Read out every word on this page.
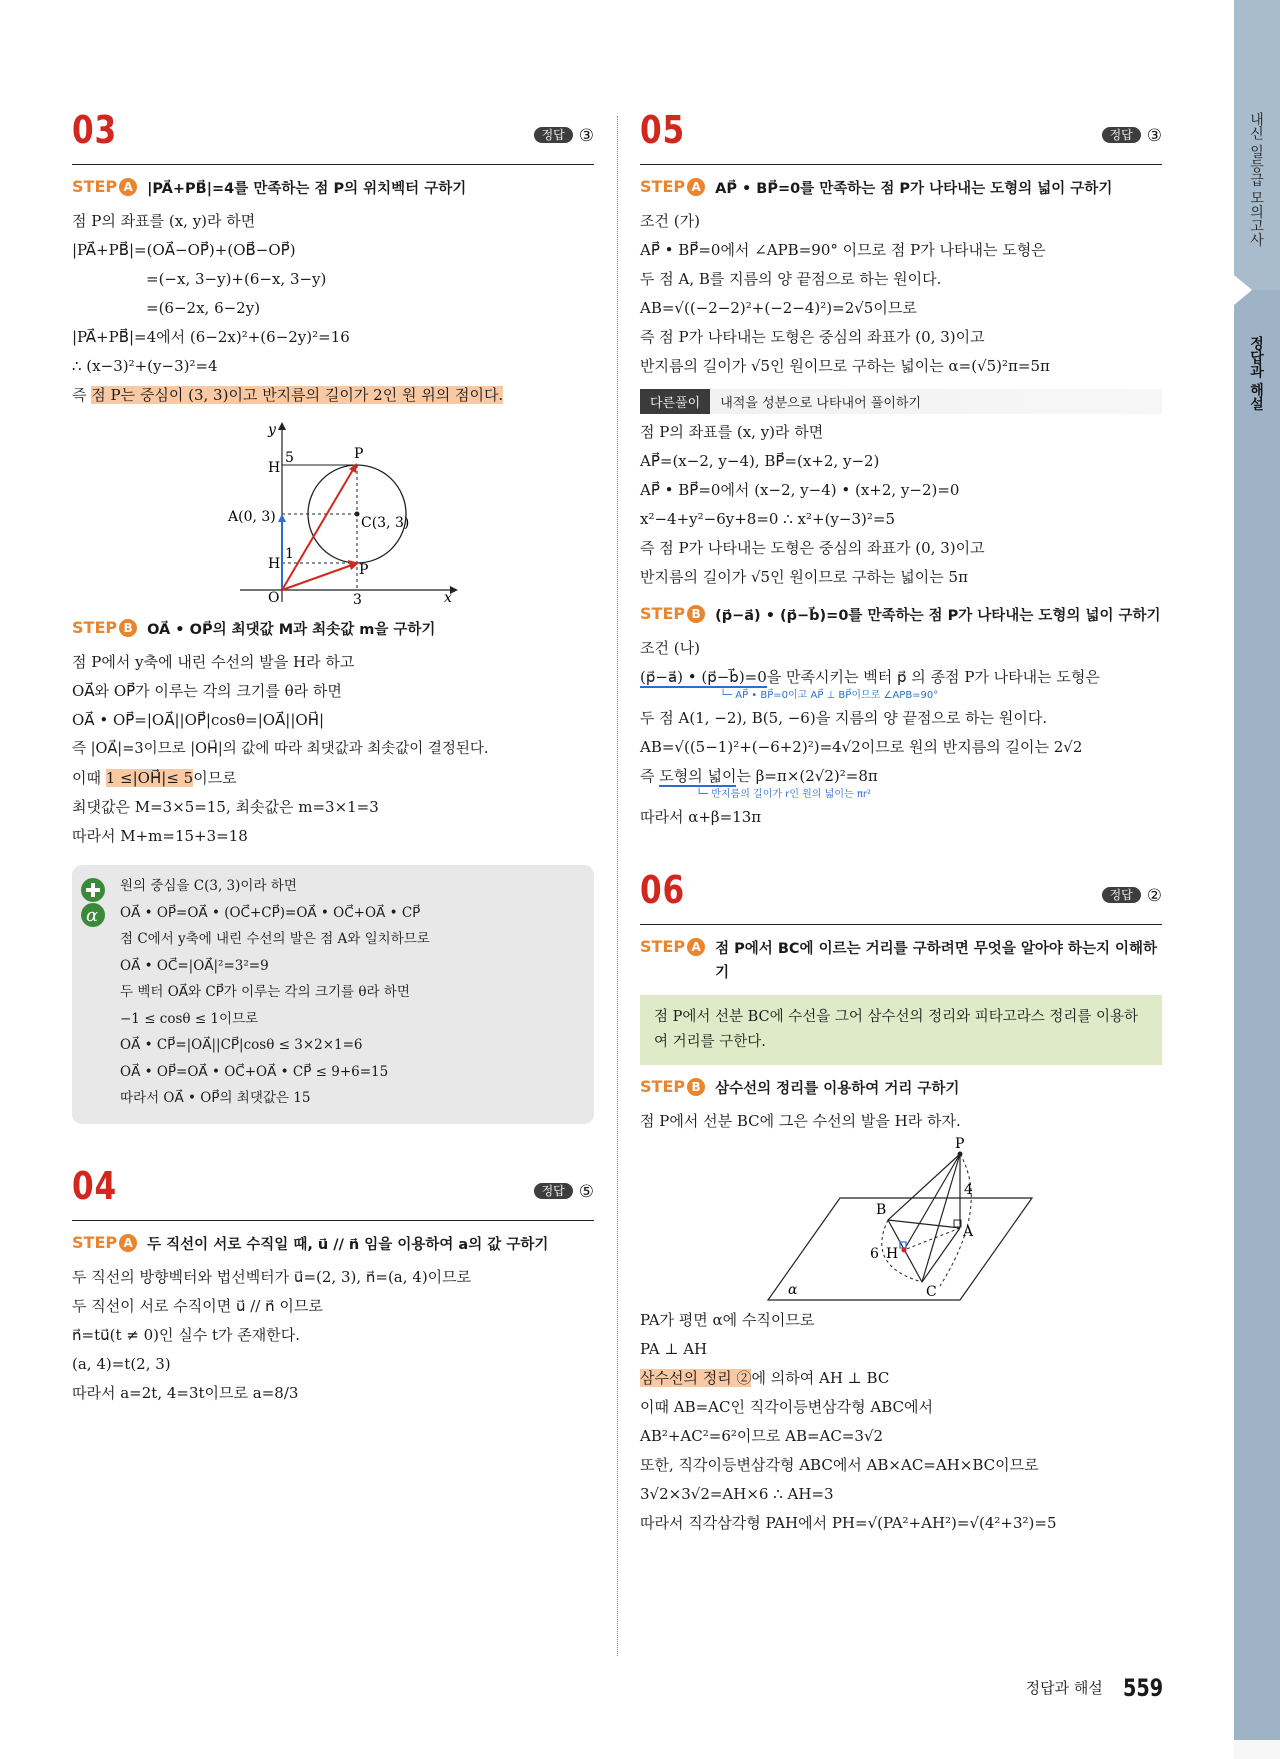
내신 일등급 모의고사
정답과 해설
03	정답 ③
STEP A |PA⃗+PB⃗|=4를 만족하는 점 P의 위치벡터 구하기
점 P의 좌표를 (x, y)라 하면
|PA⃗+PB⃗|=(OA⃗−OP⃗)+(OB⃗−OP⃗)
=(−x, 3−y)+(6−x, 3−y)
=(6−2x, 6−2y)
|PA⃗+PB⃗|=4에서 (6−2x)²+(6−2y)²=16
∴ (x−3)²+(y−3)²=4
즉 점 P는 중심이 (3, 3)이고 반지름의 길이가 2인 원 위의 점이다.
y
x
O
H
5	P
A(0, 3)	C(3, 3)
H
1
P
3
STEP B OA⃗ • OP⃗의 최댓값 M과 최솟값 m을 구하기
점 P에서 y축에 내린 수선의 발을 H라 하고
OA⃗와 OP⃗가 이루는 각의 크기를 θ라 하면
OA⃗ • OP⃗=|OA⃗||OP⃗|cosθ=|OA⃗||OH⃗|
즉 |OA⃗|=3이므로 |OH⃗|의 값에 따라 최댓값과 최솟값이 결정된다.
이때 1 ≤|OH⃗|≤ 5이므로
최댓값은 M=3×5=15, 최솟값은 m=3×1=3
따라서 M+m=15+3=18
α
원의 중심을 C(3, 3)이라 하면
OA⃗ • OP⃗=OA⃗ • (OC⃗+CP⃗)=OA⃗ • OC⃗+OA⃗ • CP⃗
점 C에서 y축에 내린 수선의 발은 점 A와 일치하므로
OA⃗ • OC⃗=|OA⃗|²=3²=9
두 벡터 OA⃗와 CP⃗가 이루는 각의 크기를 θ라 하면
−1 ≤ cosθ ≤ 1이므로
OA⃗ • CP⃗=|OA⃗||CP⃗|cosθ ≤ 3×2×1=6
OA⃗ • OP⃗=OA⃗ • OC⃗+OA⃗ • CP⃗ ≤ 9+6=15
따라서 OA⃗ • OP⃗의 최댓값은 15
04	정답 ⑤
STEP A 두 직선이 서로 수직일 때, u⃗ // n⃗ 임을 이용하여 a의 값 구하기
두 직선의 방향벡터와 법선벡터가 u⃗=(2, 3), n⃗=(a, 4)이므로
두 직선이 서로 수직이면 u⃗ // n⃗ 이므로
n⃗=tu⃗(t ≠ 0)인 실수 t가 존재한다.
(a, 4)=t(2, 3)
따라서 a=2t, 4=3t이므로 a=8/3
05	정답 ③
STEP A AP⃗ • BP⃗=0를 만족하는 점 P가 나타내는 도형의 넓이 구하기
조건 (가)
AP⃗ • BP⃗=0에서 ∠APB=90° 이므로 점 P가 나타내는 도형은
두 점 A, B를 지름의 양 끝점으로 하는 원이다.
AB=√((−2−2)²+(−2−4)²)=2√5이므로
즉 점 P가 나타내는 도형은 중심의 좌표가 (0, 3)이고
반지름의 길이가 √5인 원이므로 구하는 넓이는 α=(√5)²π=5π
다른풀이	내적을 성분으로 나타내어 풀이하기
점 P의 좌표를 (x, y)라 하면
AP⃗=(x−2, y−4), BP⃗=(x+2, y−2)
AP⃗ • BP⃗=0에서 (x−2, y−4) • (x+2, y−2)=0
x²−4+y²−6y+8=0 ∴ x²+(y−3)²=5
즉 점 P가 나타내는 도형은 중심의 좌표가 (0, 3)이고
반지름의 길이가 √5인 원이므로 구하는 넓이는 5π
STEP B (p⃗−a⃗) • (p⃗−b⃗)=0를 만족하는 점 P가 나타내는 도형의 넓이 구하기
조건 (나)
(p⃗−a⃗) • (p⃗−b⃗)=0을 만족시키는 벡터 p⃗ 의 종점 P가 나타내는 도형은
└─ AP⃗ • BP⃗=0이고 AP⃗ ⊥ BP⃗이므로 ∠APB=90°
두 점 A(1, −2), B(5, −6)을 지름의 양 끝점으로 하는 원이다.
AB=√((5−1)²+(−6+2)²)=4√2이므로 원의 반지름의 길이는 2√2
즉 도형의 넓이는 β=π×(2√2)²=8π
└─ 반지름의 길이가 r인 원의 넓이는 πr²
따라서 α+β=13π
06	정답 ②
STEP A 점 P에서 BC에 이르는 거리를 구하려면 무엇을 알아야 하는지 이해하기
점 P에서 선분 BC에 수선을 그어 삼수선의 정리와 피타고라스 정리를 이용하여 거리를 구한다.
STEP B 삼수선의 정리를 이용하여 거리 구하기
점 P에서 선분 BC에 그은 수선의 발을 H라 하자.
P
4
B
A
6 H
C
α
PA가 평면 α에 수직이므로
PA ⊥ AH
삼수선의 정리 ②에 의하여 AH ⊥ BC
이때 AB=AC인 직각이등변삼각형 ABC에서
AB²+AC²=6²이므로 AB=AC=3√2
또한, 직각이등변삼각형 ABC에서 AB×AC=AH×BC이므로
3√2×3√2=AH×6 ∴ AH=3
따라서 직각삼각형 PAH에서 PH=√(PA²+AH²)=√(4²+3²)=5
정답과 해설 559
